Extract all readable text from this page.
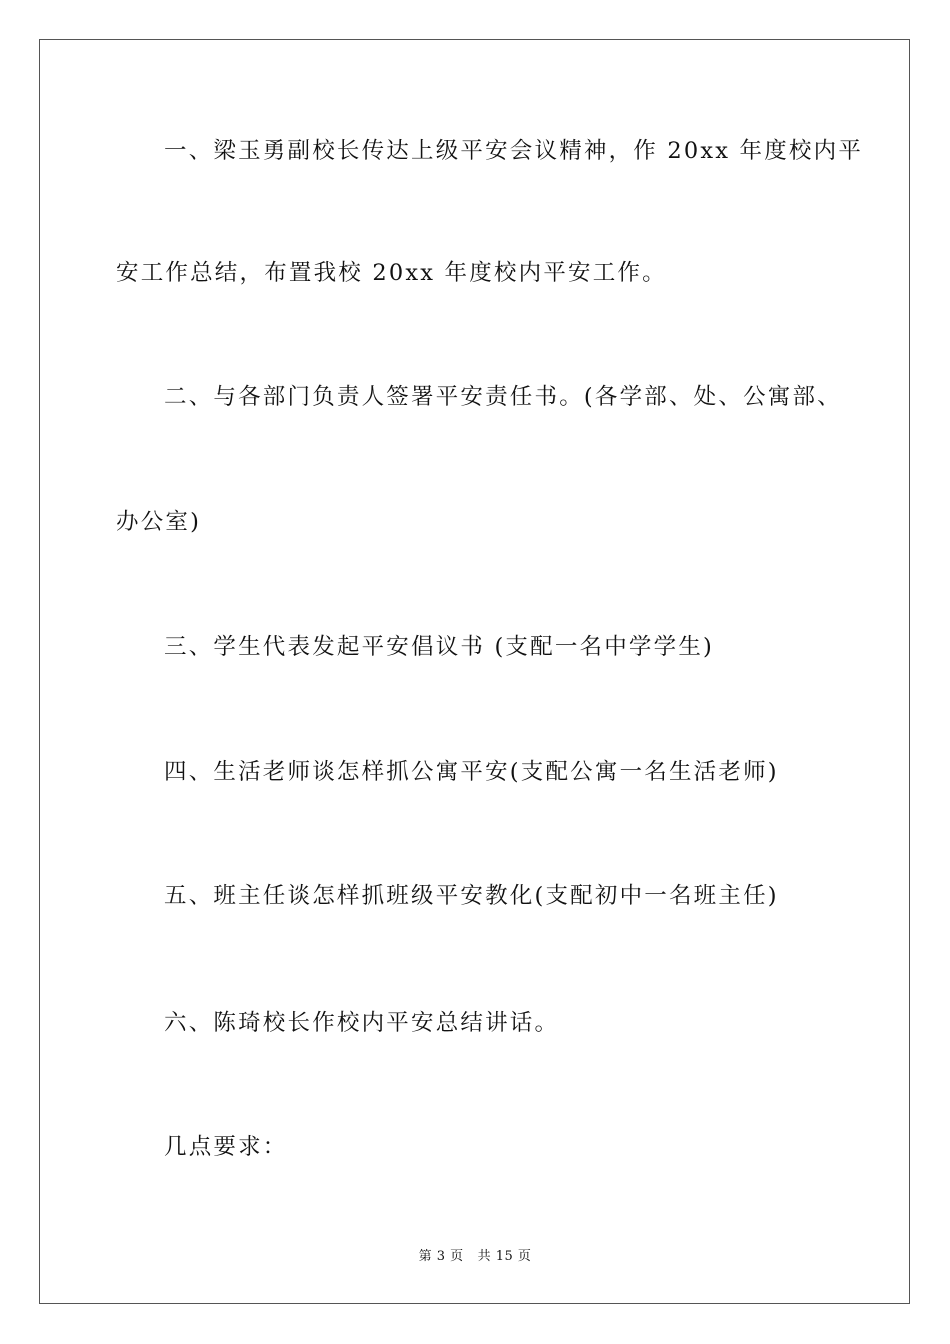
一、梁玉勇副校长传达上级平安会议精神，作 20xx 年度校内平
安工作总结，布置我校 20xx 年度校内平安工作。
二、与各部门负责人签署平安责任书。(各学部、处、公寓部、
办公室)
三、学生代表发起平安倡议书 (支配一名中学学生)
四、生活老师谈怎样抓公寓平安(支配公寓一名生活老师)
五、班主任谈怎样抓班级平安教化(支配初中一名班主任)
六、陈琦校长作校内平安总结讲话。
几点要求：
第 3 页 共 15 页
